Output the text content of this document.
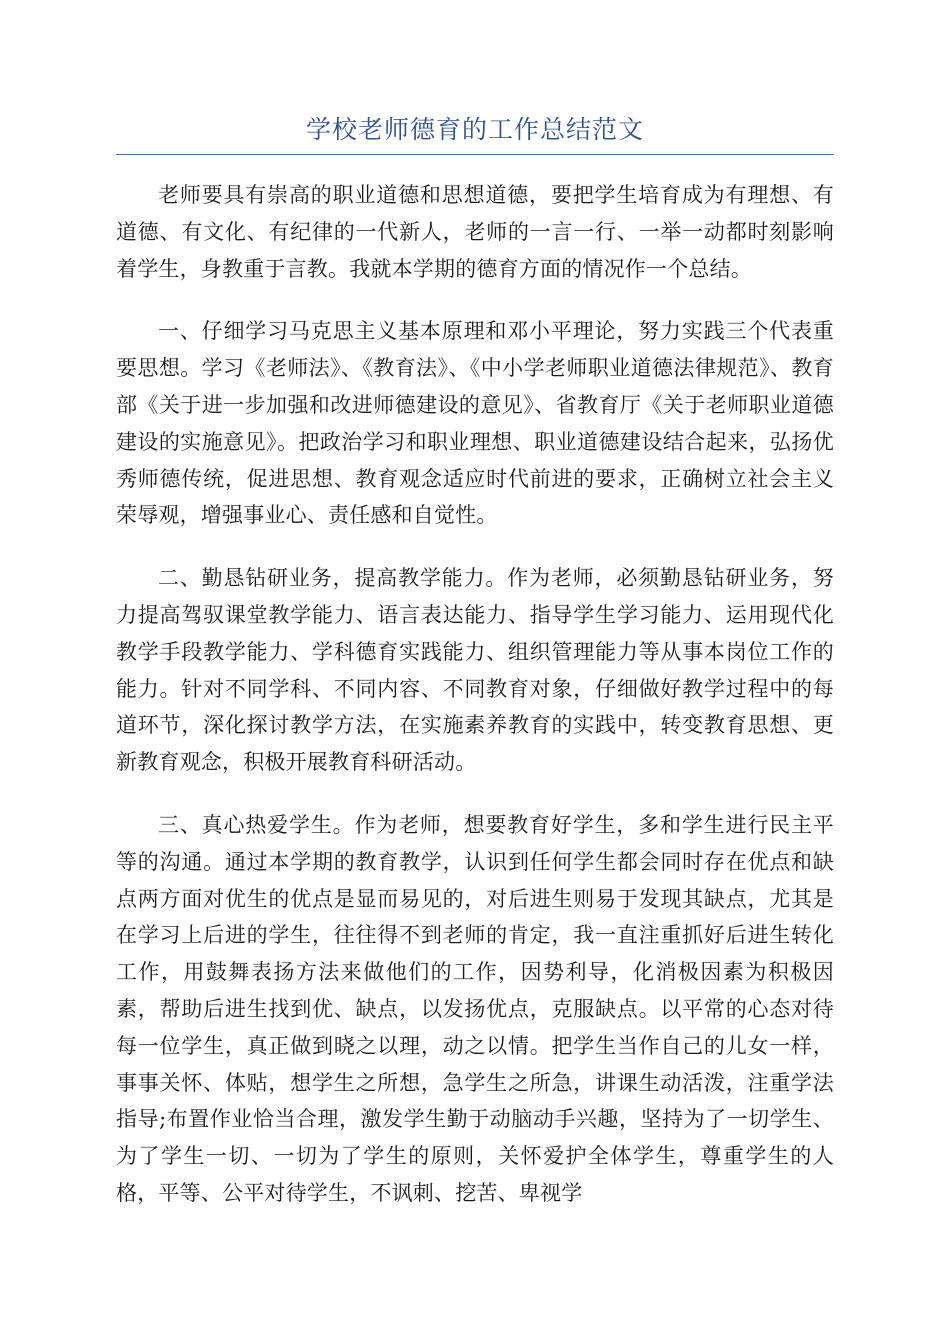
学校老师德育的工作总结范文

老师要具有崇高的职业道德和思想道德，要把学生培育成为有理想、有道德、有文化、有纪律的一代新人，老师的一言一行、一举一动都时刻影响着学生，身教重于言教。我就本学期的德育方面的情况作一个总结。

一、仔细学习马克思主义基本原理和邓小平理论，努力实践三个代表重要思想。学习《老师法》、《教育法》、《中小学老师职业道德法律规范》、教育部《关于进一步加强和改进师德建设的意见》、省教育厅《关于老师职业道德建设的实施意见》。把政治学习和职业理想、职业道德建设结合起来，弘扬优秀师德传统，促进思想、教育观念适应时代前进的要求，正确树立社会主义荣辱观，增强事业心、责任感和自觉性。

二、勤恳钻研业务，提高教学能力。作为老师，必须勤恳钻研业务，努力提高驾驭课堂教学能力、语言表达能力、指导学生学习能力、运用现代化教学手段教学能力、学科德育实践能力、组织管理能力等从事本岗位工作的能力。针对不同学科、不同内容、不同教育对象，仔细做好教学过程中的每道环节，深化探讨教学方法，在实施素养教育的实践中，转变教育思想、更新教育观念，积极开展教育科研活动。

三、真心热爱学生。作为老师，想要教育好学生，多和学生进行民主平等的沟通。通过本学期的教育教学，认识到任何学生都会同时存在优点和缺点两方面对优生的优点是显而易见的，对后进生则易于发现其缺点，尤其是在学习上后进的学生，往往得不到老师的肯定，我一直注重抓好后进生转化工作，用鼓舞表扬方法来做他们的工作，因势利导，化消极因素为积极因素，帮助后进生找到优、缺点，以发扬优点，克服缺点。以平常的心态对待每一位学生，真正做到晓之以理，动之以情。把学生当作自己的儿女一样，事事关怀、体贴，想学生之所想，急学生之所急，讲课生动活泼，注重学法指导;布置作业恰当合理，激发学生勤于动脑动手兴趣，坚持为了一切学生、为了学生一切、一切为了学生的原则，关怀爱护全体学生，尊重学生的人格，平等、公平对待学生，不讽刺、挖苦、卑视学
